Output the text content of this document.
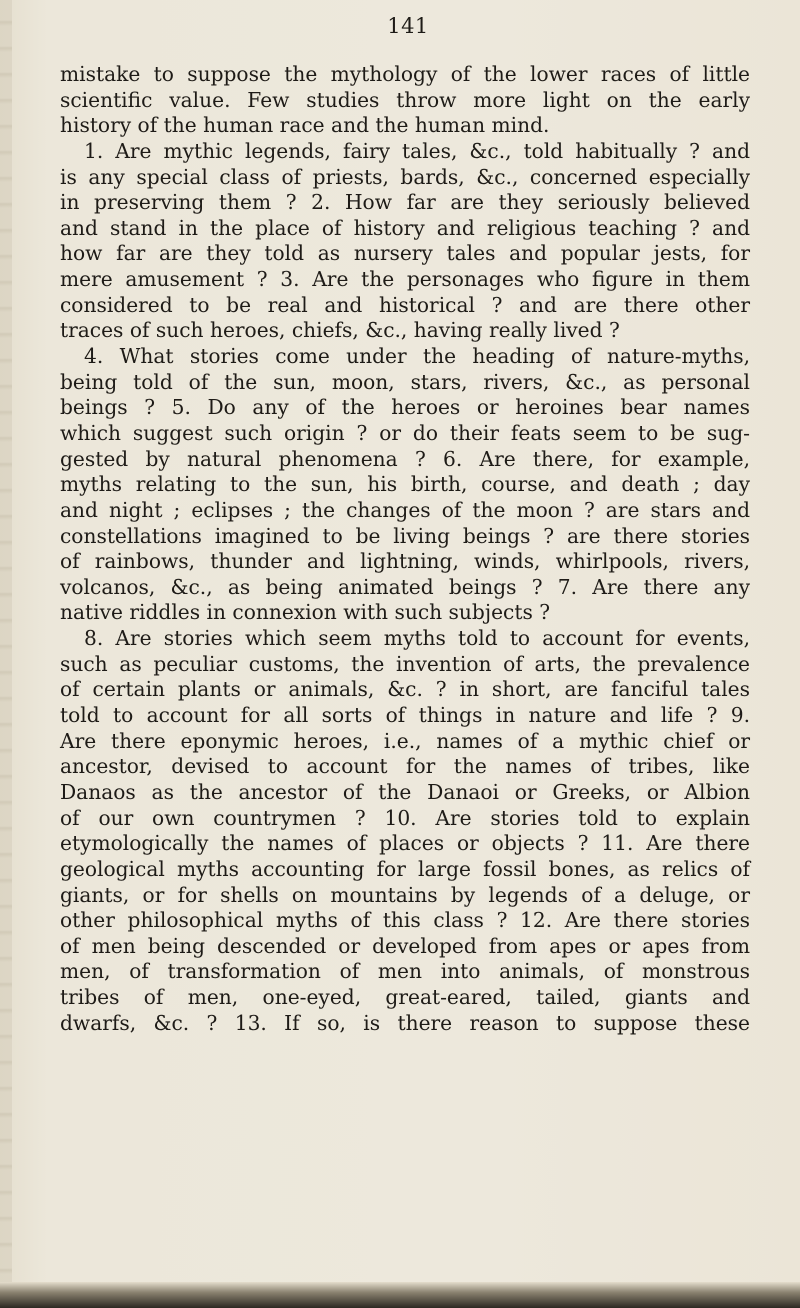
141
mistake to suppose the mythology of the lower races of little
scientific value. Few studies throw more light on the early
history of the human race and the human mind.
1. Are mythic legends, fairy tales, &c., told habitually ? and
is any special class of priests, bards, &c., concerned especially
in preserving them ? 2. How far are they seriously believed
and stand in the place of history and religious teaching ? and
how far are they told as nursery tales and popular jests, for
mere amusement ? 3. Are the personages who figure in them
considered to be real and historical ? and are there other
traces of such heroes, chiefs, &c., having really lived ?
4. What stories come under the heading of nature-myths,
being told of the sun, moon, stars, rivers, &c., as personal
beings ? 5. Do any of the heroes or heroines bear names
which suggest such origin ? or do their feats seem to be sug-
gested by natural phenomena ? 6. Are there, for example,
myths relating to the sun, his birth, course, and death ; day
and night ; eclipses ; the changes of the moon ? are stars and
constellations imagined to be living beings ? are there stories
of rainbows, thunder and lightning, winds, whirlpools, rivers,
volcanos, &c., as being animated beings ? 7. Are there any
native riddles in connexion with such subjects ?
8. Are stories which seem myths told to account for events,
such as peculiar customs, the invention of arts, the prevalence
of certain plants or animals, &c. ? in short, are fanciful tales
told to account for all sorts of things in nature and life ? 9.
Are there eponymic heroes, i.e., names of a mythic chief or
ancestor, devised to account for the names of tribes, like
Danaos as the ancestor of the Danaoi or Greeks, or Albion
of our own countrymen ? 10. Are stories told to explain
etymologically the names of places or objects ? 11. Are there
geological myths accounting for large fossil bones, as relics of
giants, or for shells on mountains by legends of a deluge, or
other philosophical myths of this class ? 12. Are there stories
of men being descended or developed from apes or apes from
men, of transformation of men into animals, of monstrous
tribes of men, one-eyed, great-eared, tailed, giants and
dwarfs, &c. ? 13. If so, is there reason to suppose these
